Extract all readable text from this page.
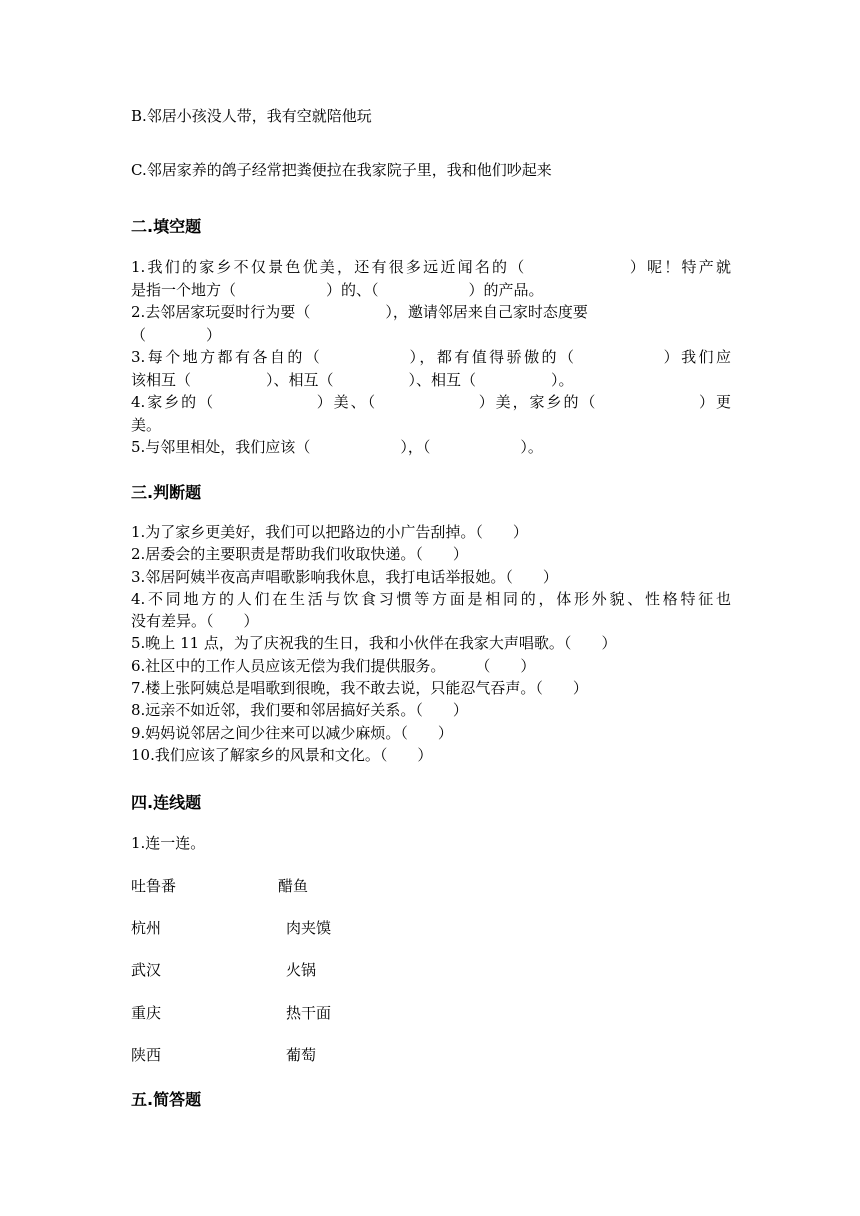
B.邻居小孩没人带，我有空就陪他玩
C.邻居家养的鸽子经常把粪便拉在我家院子里，我和他们吵起来
二.填空题

1.我们的家乡不仅景色优美，还有很多远近闻名的（　　　　　　）呢！特产就

是指一个地方（　　　　　　）的、（　　　　　　）的产品。

2.去邻居家玩耍时行为要（　　　　　），邀请邻居来自己家时态度要

（　　　　）

3.每个地方都有各自的（　　　　　），都有值得骄傲的（　　　　　）我们应

该相互（　　　　　）、相互（　　　　　）、相互（　　　　　）。

4.家乡的（　　　　　　）美、（　　　　　　）美，家乡的（　　　　　　）更

美。

5.与邻里相处，我们应该（　　　　　　），（　　　　　　）。

三.判断题

1.为了家乡更美好，我们可以把路边的小广告刮掉。（　　）

2.居委会的主要职责是帮助我们收取快递。（　　）

3.邻居阿姨半夜高声唱歌影响我休息，我打电话举报她。（　　）

4.不同地方的人们在生活与饮食习惯等方面是相同的，体形外貌、性格特征也

没有差异。（　　）

5.晚上 11 点，为了庆祝我的生日，我和小伙伴在我家大声唱歌。（　　）

6.社区中的工作人员应该无偿为我们提供服务。　　　（　　）

7.楼上张阿姨总是唱歌到很晚，我不敢去说，只能忍气吞声。（　　）

8.远亲不如近邻，我们要和邻居搞好关系。（　　）

9.妈妈说邻居之间少往来可以减少麻烦。（　　）

10.我们应该了解家乡的风景和文化。（　　）

四.连线题
1.连一连。
吐鲁番	醋鱼
杭州	肉夹馍
武汉	火锅
重庆	热干面
陕西	葡萄
五.简答题
